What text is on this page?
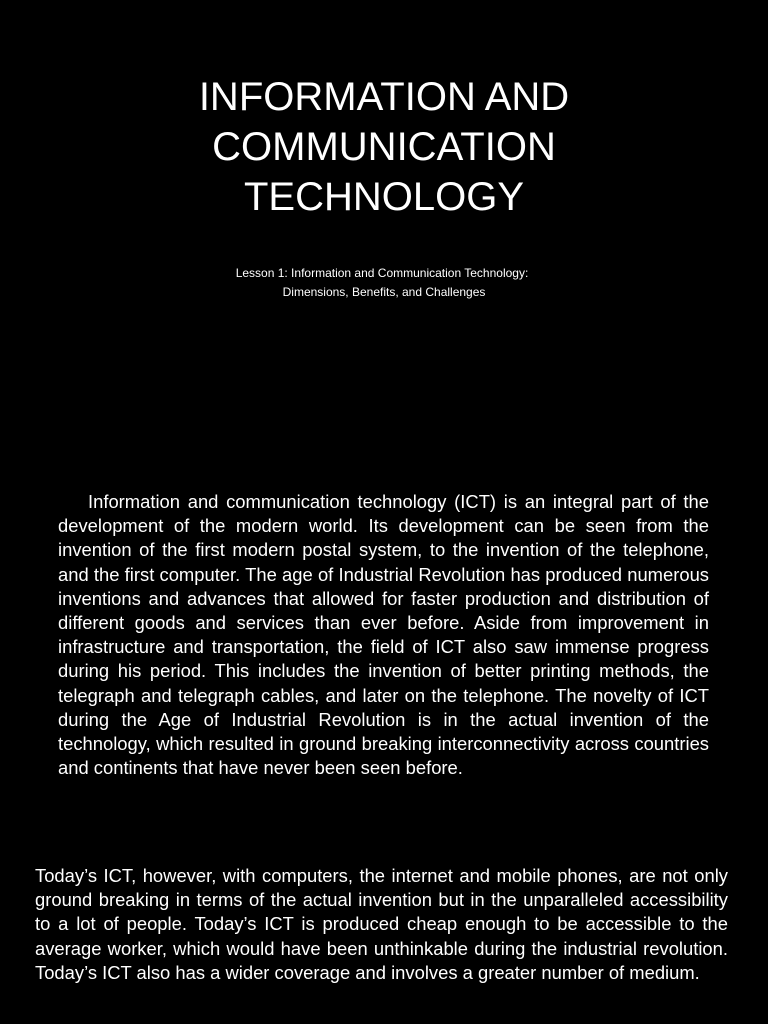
INFORMATION AND
COMMUNICATION
TECHNOLOGY
Lesson 1: Information and Communication Technology:
Dimensions, Benefits, and Challenges

Information and communication technology (ICT) is an integral part of the development of the modern world. Its development can be seen from the invention of the first modern postal system, to the invention of the telephone, and the first computer. The age of Industrial Revolution has produced numerous inventions and advances that allowed for faster production and distribution of different goods and services than ever before. Aside from improvement in infrastructure and transportation, the field of ICT also saw immense progress during his period. This includes the invention of better printing methods, the telegraph and telegraph cables, and later on the telephone. The novelty of ICT during the Age of Industrial Revolution is in the actual invention of the technology, which resulted in ground breaking interconnectivity across countries and continents that have never been seen before.

Today’s ICT, however, with computers, the internet and mobile phones, are not only ground breaking in terms of the actual invention but in the unparalleled accessibility to a lot of people. Today’s ICT is produced cheap enough to be accessible to the average worker, which would have been unthinkable during the industrial revolution. Today’s ICT also has a wider coverage and involves a greater number of medium.
